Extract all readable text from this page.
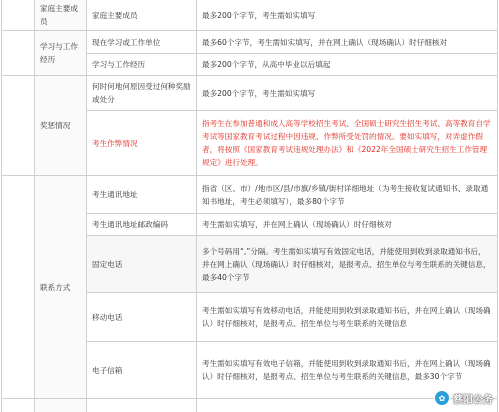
	家庭主要成员	家庭主要成员	最多200个字节，考生需如实填写
	学习与工作经历	现在学习或工作单位	最多60个字节，考生需如实填写，并在网上确认（现场确认）时仔细核对
		学习与工作经历	最多200个字节，从高中毕业以后填起
	奖惩情况	何时何地何原因受过何种奖励或处分	最多200个字节，考生需如实填写
		考生作弊情况	指考生在参加普通和成人高等学校招生考试、全国硕士研究生招生考试、高等教育自学考试等国家教育考试过程中因违规、作弊所受处罚的情况。要如实填写，对弄虚作假者，将按照《国家教育考试违规处理办法》和《2022年全国硕士研究生招生工作管理规定》进行处理。
	联系方式	考生通讯地址	指省（区、市）/地市区/县/市旗/乡镇/街村详细地址（为考生接收复试通知书、录取通知书地址，考生必须填写），最多80个字节
		考生通讯地址邮政编码	考生需如实填写，并在网上确认（现场确认）时仔细核对
		固定电话	多个号码用“,”分隔。考生需如实填写有效固定电话，并能使用到收到录取通知书后，并在网上确认（现场确认）时仔细核对，是报考点、招生单位与考生联系的关键信息，最多40个字节
		移动电话	考生需如实填写有效移动电话，并能使用到收到录取通知书后，并在网上确认（现场确认）时仔细核对，是报考点、招生单位与考生联系的关键信息
		电子信箱	考生需如实填写有效电子信箱，并能使用到收到录取通知书后，并在网上确认（现场确认）时仔细核对，是报考点、招生单位与考生联系的关键信息，最多30个字节

✿ 蔡阳公务
